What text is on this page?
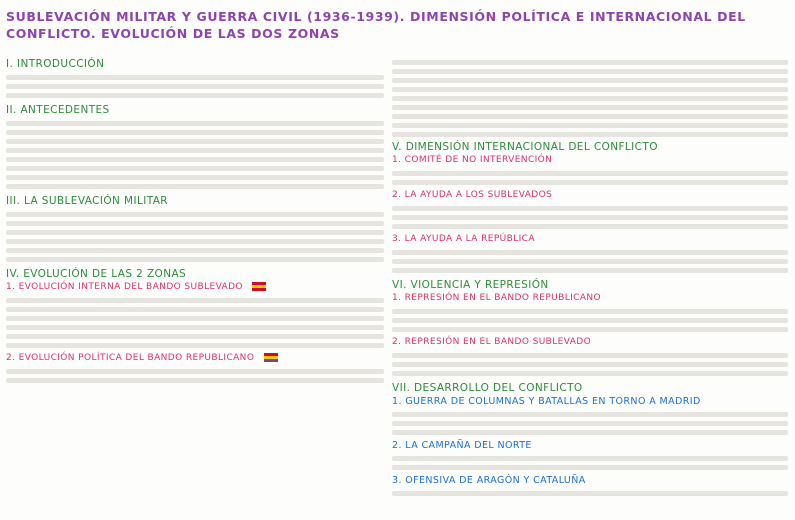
SUBLEVACIÓN MILITAR Y GUERRA CIVIL (1936-1939). DIMENSIÓN POLÍTICA E INTERNACIONAL DEL CONFLICTO. EVOLUCIÓN DE LAS DOS ZONAS
I. INTRODUCCIÓN
II. ANTECEDENTES
III. LA SUBLEVACIÓN MILITAR
IV. EVOLUCIÓN DE LAS 2 ZONAS
1. EVOLUCIÓN INTERNA DEL BANDO SUBLEVADO
2. EVOLUCIÓN POLÍTICA DEL BANDO REPUBLICANO
V. DIMENSIÓN INTERNACIONAL DEL CONFLICTO
1. COMITÉ DE NO INTERVENCIÓN
2. LA AYUDA A LOS SUBLEVADOS
3. LA AYUDA A LA REPÚBLICA
VI. VIOLENCIA Y REPRESIÓN
1. REPRESIÓN EN EL BANDO REPUBLICANO
2. REPRESIÓN EN EL BANDO SUBLEVADO
VII. DESARROLLO DEL CONFLICTO
1. GUERRA DE COLUMNAS Y BATALLAS EN TORNO A MADRID
2. LA CAMPAÑA DEL NORTE
3. OFENSIVA DE ARAGÓN Y CATALUÑA
